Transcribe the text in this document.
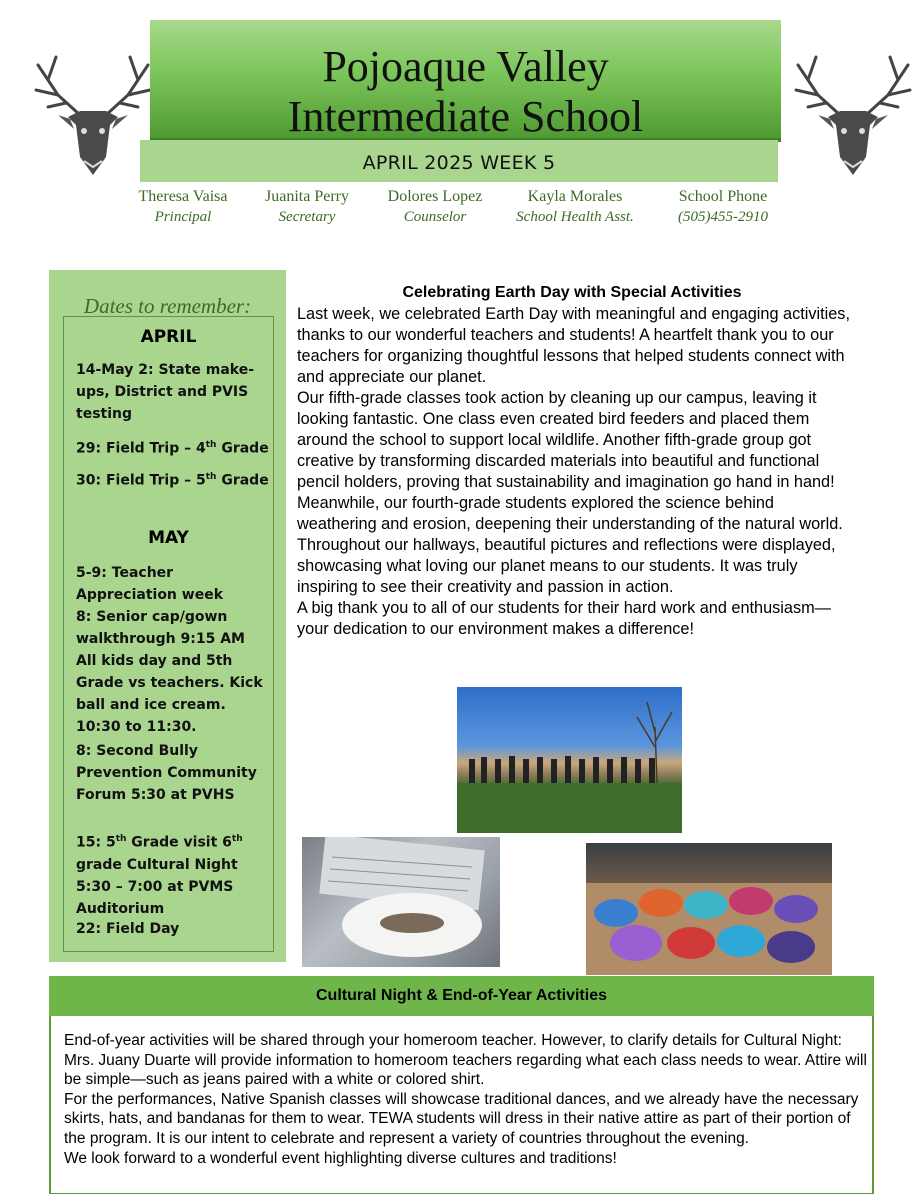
Pojoaque Valley
APRIL 2025 WEEK 5
Intermediate School
Theresa Vaisa
Principal
Juanita Perry
Secretary
Dolores Lopez
Counselor
Kayla Morales
School Health Asst.
School Phone
(505)455-2910
Dates to remember:
APRIL
14-May 2: State make-ups, District and PVIS testing
29: Field Trip – 4th Grade
30: Field Trip – 5th Grade
MAY
5-9: Teacher Appreciation week
8: Senior cap/gown walkthrough 9:15 AM
All kids day and 5th Grade vs teachers. Kick ball and ice cream. 10:30 to 11:30.
8: Second Bully Prevention Community Forum 5:30 at PVHS
15: 5th Grade visit 6th grade Cultural Night 5:30 – 7:00 at PVMS Auditorium
22: Field Day
Celebrating Earth Day with Special Activities

Last week, we celebrated Earth Day with meaningful and engaging activities, thanks to our wonderful teachers and students! A heartfelt thank you to our teachers for organizing thoughtful lessons that helped students connect with and appreciate our planet.

Our fifth-grade classes took action by cleaning up our campus, leaving it looking fantastic. One class even created bird feeders and placed them around the school to support local wildlife. Another fifth-grade group got creative by transforming discarded materials into beautiful and functional pencil holders, proving that sustainability and imagination go hand in hand! Meanwhile, our fourth-grade students explored the science behind weathering and erosion, deepening their understanding of the natural world.

Throughout our hallways, beautiful pictures and reflections were displayed, showcasing what loving our planet means to our students. It was truly inspiring to see their creativity and passion in action.

A big thank you to all of our students for their hard work and enthusiasm—your dedication to our environment makes a difference!

Cultural Night & End-of-Year Activities

End-of-year activities will be shared through your homeroom teacher. However, to clarify details for Cultural Night: Mrs. Juany Duarte will provide information to homeroom teachers regarding what each class needs to wear. Attire will be simple—such as jeans paired with a white or colored shirt.

For the performances, Native Spanish classes will showcase traditional dances, and we already have the necessary skirts, hats, and bandanas for them to wear. TEWA students will dress in their native attire as part of their portion of the program. It is our intent to celebrate and represent a variety of countries throughout the evening.

We look forward to a wonderful event highlighting diverse cultures and traditions!
